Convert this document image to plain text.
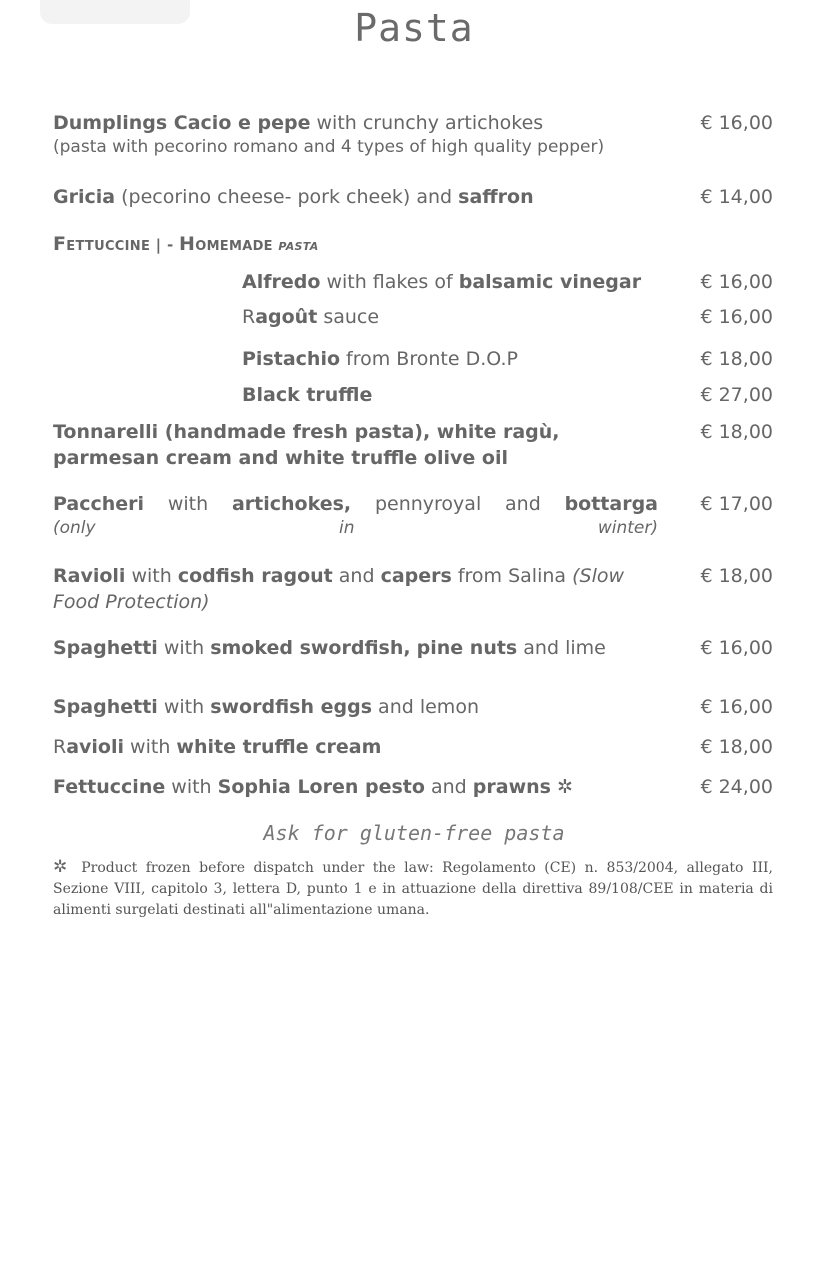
Pasta
Dumplings Cacio e pepe with crunchy artichokes
(pasta with pecorino romano and 4 types of high quality pepper)
€ 16,00
Gricia (pecorino cheese- pork cheek) and saffron	€ 14,00
Fettuccine | - Homemade pasta
Alfredo with flakes of balsamic vinegar	€ 16,00
Ragoût sauce	€ 16,00
Pistachio from Bronte D.O.P	€ 18,00
Black truffle	€ 27,00
Tonnarelli (handmade fresh pasta), white ragù, parmesan cream and white truffle olive oil
€ 18,00
Paccheri with artichokes, pennyroyal and bottarga
(only in winter)
€ 17,00
Ravioli with codfish ragout and capers from Salina (Slow Food Protection)
€ 18,00
Spaghetti with smoked swordfish, pine nuts and lime	€ 16,00
Spaghetti with swordfish eggs and lemon	€ 16,00
Ravioli with white truffle cream	€ 18,00
Fettuccine with Sophia Loren pesto and prawns ✲	€ 24,00
Ask for gluten-free pasta
✲ Product frozen before dispatch under the law: Regolamento (CE) n. 853/2004, allegato III, Sezione VIII, capitolo 3, lettera D, punto 1 e in attuazione della direttiva 89/108/CEE in materia di alimenti surgelati destinati all"alimentazione umana.
